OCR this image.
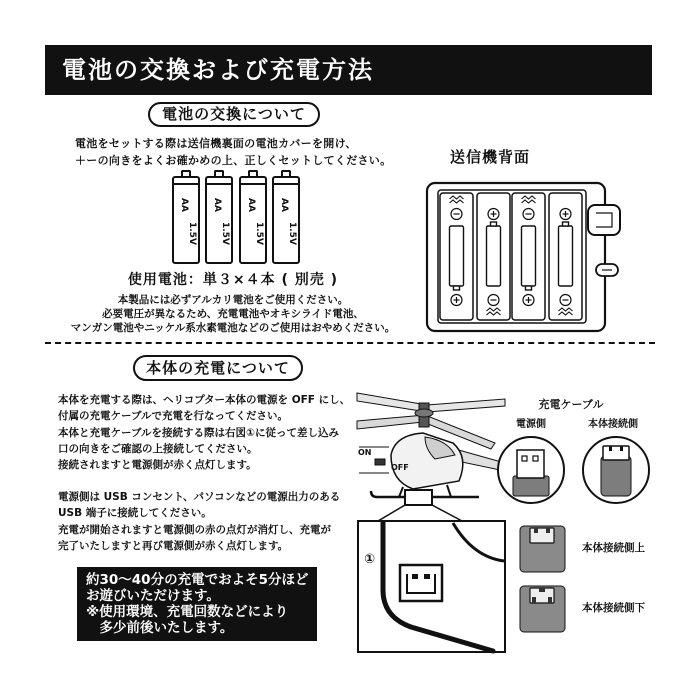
電池の交換および充電方法
電池の交換について
電池をセットする際は送信機裏面の電池カバーを開け、
＋ーの向きをよくお確かめの上、正しくセットしてください。
AA
1.5V
AA
1.5V
AA
1.5V
AA
1.5V
使用電池：単３×４本 ( 別売 )
本製品には必ずアルカリ電池をご使用ください。
必要電圧が異なるため、充電電池やオキシライド電池、
マンガン電池やニッケル系水素電池などのご使用はおやめください。
送信機背面
本体の充電について
本体を充電する際は、ヘリコプター本体の電源を OFF にし、
付属の充電ケーブルで充電を行なってください。
本体と充電ケーブルを接続する際は右図①に従って差し込み
口の向きをご確認の上接続してください。
接続されますと電源側が赤く点灯します。
電源側は USB コンセント、パソコンなどの電源出力のある
USB 端子に接続してください。
充電が開始されますと電源側の赤の点灯が消灯し、充電が
完了いたしますと再び電源側が赤く点灯します。
約30～40分の充電でおよそ5分ほど
お遊びいただけます。
※使用環境、充電回数などにより
多少前後いたします。
ON
OFF
①
充電ケーブル
電源側	本体接続側
本体接続側上
本体接続側下
